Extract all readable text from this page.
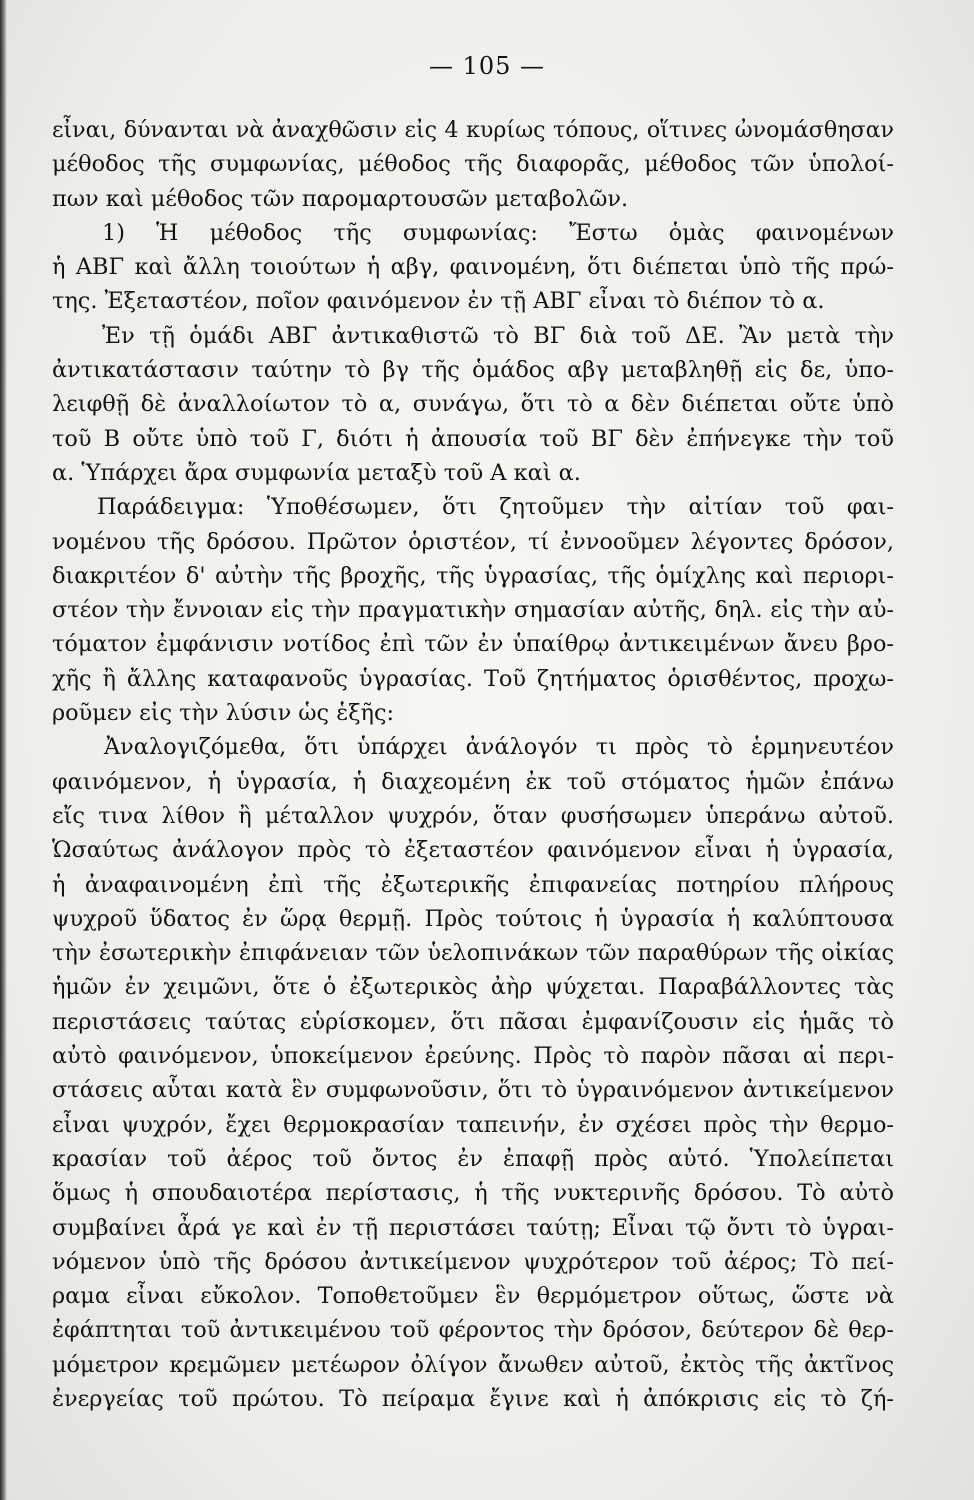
— 105 —
εἶναι, δύνανται νὰ ἀναχθῶσιν εἰς 4 κυρίως τόπους, οἵτινες ὠνομάσθησαν
μέθοδος τῆς συμφωνίας, μέθοδος τῆς διαφορᾶς, μέθοδος τῶν ὑπολοί-
πων καὶ μέθοδος τῶν παρομαρτουσῶν μεταβολῶν.
1) Ἡ μέθοδος τῆς συμφωνίας: Ἔστω ὁμὰς φαινομένων
ἡ ΑΒΓ καὶ ἄλλη τοιούτων ἡ αβγ, φαινομένη, ὅτι διέπεται ὑπὸ τῆς πρώ-
της. Ἐξεταστέον, ποῖον φαινόμενον ἐν τῇ ΑΒΓ εἶναι τὸ διέπον τὸ α.
Ἐν τῇ ὁμάδι ΑΒΓ ἀντικαθιστῶ τὸ ΒΓ διὰ τοῦ ΔΕ. Ἂν μετὰ τὴν
ἀντικατάστασιν ταύτην τὸ βγ τῆς ὁμάδος αβγ μεταβληθῇ εἰς δε, ὑπο-
λειφθῇ δὲ ἀναλλοίωτον τὸ α, συνάγω, ὅτι τὸ α δὲν διέπεται οὔτε ὑπὸ
τοῦ Β οὔτε ὑπὸ τοῦ Γ, διότι ἡ ἀπουσία τοῦ ΒΓ δὲν ἐπήνεγκε τὴν τοῦ
α. Ὑπάρχει ἄρα συμφωνία μεταξὺ τοῦ Α καὶ α.
Παράδειγμα: Ὑποθέσωμεν, ὅτι ζητοῦμεν τὴν αἰτίαν τοῦ φαι-
νομένου τῆς δρόσου. Πρῶτον ὁριστέον, τί ἐννοοῦμεν λέγοντες δρόσον,
διακριτέον δ' αὐτὴν τῆς βροχῆς, τῆς ὑγρασίας, τῆς ὁμίχλης καὶ περιορι-
στέον τὴν ἔννοιαν εἰς τὴν πραγματικὴν σημασίαν αὐτῆς, δηλ. εἰς τὴν αὐ-
τόματον ἐμφάνισιν νοτίδος ἐπὶ τῶν ἐν ὑπαίθρῳ ἀντικειμένων ἄνευ βρο-
χῆς ἢ ἄλλης καταφανοῦς ὑγρασίας. Τοῦ ζητήματος ὁρισθέντος, προχω-
ροῦμεν εἰς τὴν λύσιν ὡς ἑξῆς:
Ἀναλογιζόμεθα, ὅτι ὑπάρχει ἀνάλογόν τι πρὸς τὸ ἑρμηνευτέον
φαινόμενον, ἡ ὑγρασία, ἡ διαχεομένη ἐκ τοῦ στόματος ἡμῶν ἐπάνω
εἴς τινα λίθον ἢ μέταλλον ψυχρόν, ὅταν φυσήσωμεν ὑπεράνω αὐτοῦ.
Ὡσαύτως ἀνάλογον πρὸς τὸ ἐξεταστέον φαινόμενον εἶναι ἡ ὑγρασία,
ἡ ἀναφαινομένη ἐπὶ τῆς ἐξωτερικῆς ἐπιφανείας ποτηρίου πλήρους
ψυχροῦ ὕδατος ἐν ὥρᾳ θερμῇ. Πρὸς τούτοις ἡ ὑγρασία ἡ καλύπτουσα
τὴν ἐσωτερικὴν ἐπιφάνειαν τῶν ὑελοπινάκων τῶν παραθύρων τῆς οἰκίας
ἡμῶν ἐν χειμῶνι, ὅτε ὁ ἐξωτερικὸς ἀὴρ ψύχεται. Παραβάλλοντες τὰς
περιστάσεις ταύτας εὑρίσκομεν, ὅτι πᾶσαι ἐμφανίζουσιν εἰς ἡμᾶς τὸ
αὐτὸ φαινόμενον, ὑποκείμενον ἐρεύνης. Πρὸς τὸ παρὸν πᾶσαι αἱ περι-
στάσεις αὗται κατὰ ἓν συμφωνοῦσιν, ὅτι τὸ ὑγραινόμενον ἀντικείμενον
εἶναι ψυχρόν, ἔχει θερμοκρασίαν ταπεινήν, ἐν σχέσει πρὸς τὴν θερμο-
κρασίαν τοῦ ἀέρος τοῦ ὄντος ἐν ἐπαφῇ πρὸς αὐτό. Ὑπολείπεται
ὅμως ἡ σπουδαιοτέρα περίστασις, ἡ τῆς νυκτερινῆς δρόσου. Τὸ αὐτὸ
συμβαίνει ἆρά γε καὶ ἐν τῇ περιστάσει ταύτῃ; Εἶναι τῷ ὄντι τὸ ὑγραι-
νόμενον ὑπὸ τῆς δρόσου ἀντικείμενον ψυχρότερον τοῦ ἀέρος; Τὸ πεί-
ραμα εἶναι εὔκολον. Τοποθετοῦμεν ἓν θερμόμετρον οὕτως, ὥστε νὰ
ἐφάπτηται τοῦ ἀντικειμένου τοῦ φέροντος τὴν δρόσον, δεύτερον δὲ θερ-
μόμετρον κρεμῶμεν μετέωρον ὀλίγον ἄνωθεν αὐτοῦ, ἐκτὸς τῆς ἀκτῖνος
ἐνεργείας τοῦ πρώτου. Τὸ πείραμα ἔγινε καὶ ἡ ἀπόκρισις εἰς τὸ ζή-
